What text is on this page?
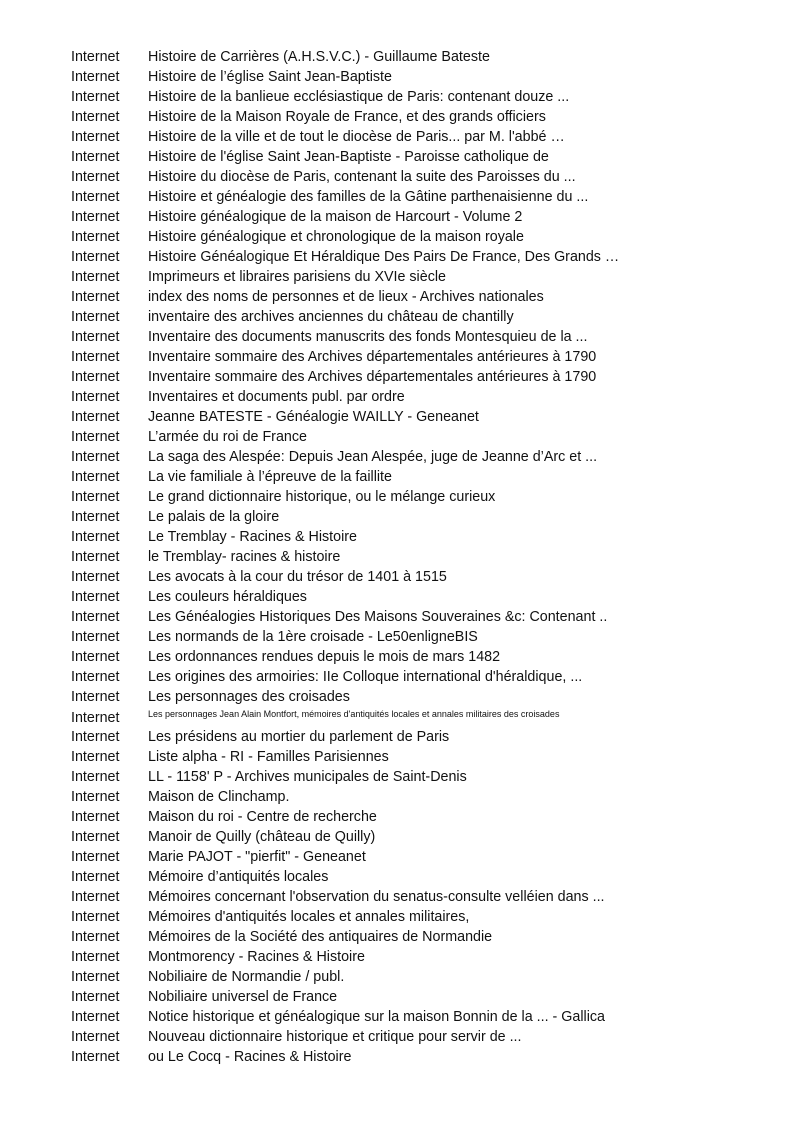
Internet Histoire de Carrières (A.H.S.V.C.) - Guillaume Bateste
Internet Histoire de l’église Saint Jean-Baptiste
Internet Histoire de la banlieue ecclésiastique de Paris: contenant douze ...
Internet Histoire de la Maison Royale de France, et des grands officiers
Internet Histoire de la ville et de tout le diocèse de Paris... par M. l'abbé …
Internet Histoire de l'église Saint Jean-Baptiste - Paroisse catholique de
Internet Histoire du diocèse de Paris, contenant la suite des Paroisses du ...
Internet Histoire et généalogie des familles de la Gâtine parthenaisienne du ...
Internet Histoire généalogique de la maison de Harcourt - Volume 2
Internet Histoire généalogique et chronologique de la maison royale
Internet Histoire Généalogique Et Héraldique Des Pairs De France, Des Grands …
Internet Imprimeurs et libraires parisiens du XVIe siècle
Internet index des noms de personnes et de lieux - Archives nationales
Internet inventaire des archives anciennes du château de chantilly
Internet Inventaire des documents manuscrits des fonds Montesquieu de la ...
Internet Inventaire sommaire des Archives départementales antérieures à 1790
Internet Inventaire sommaire des Archives départementales antérieures à 1790
Internet Inventaires et documents publ. par ordre
Internet Jeanne BATESTE - Généalogie WAILLY - Geneanet
Internet L’armée du roi de France
Internet La saga des Alespée: Depuis Jean Alespée, juge de Jeanne d’Arc et ...
Internet La vie familiale à l’épreuve de la faillite
Internet Le grand dictionnaire historique, ou le mélange curieux
Internet Le palais de la gloire
Internet Le Tremblay - Racines & Histoire
Internet le Tremblay- racines & histoire
Internet Les avocats à la cour du trésor de 1401 à 1515
Internet Les couleurs héraldiques
Internet Les Généalogies Historiques Des Maisons Souveraines &c: Contenant ..
Internet Les normands de la 1ère croisade - Le50enligneBIS
Internet Les ordonnances rendues depuis le mois de mars 1482
Internet Les origines des armoiries: IIe Colloque international d'héraldique, ...
Internet Les personnages des croisades
Internet	Les personnages Jean Alain Montfort, mémoires d'antiquités locales et annales militaires des croisades
Internet Les présidens au mortier du parlement de Paris
Internet Liste alpha - RI - Familles Parisiennes
Internet LL - 1158' P - Archives municipales de Saint-Denis
Internet Maison de Clinchamp.
Internet Maison du roi - Centre de recherche
Internet Manoir de Quilly (château de Quilly)
Internet Marie PAJOT - "pierfit" - Geneanet
Internet Mémoire d’antiquités locales
Internet Mémoires concernant l'observation du senatus-consulte velléien dans ...
Internet Mémoires d'antiquités locales et annales militaires,
Internet Mémoires de la Société des antiquaires de Normandie
Internet Montmorency - Racines & Histoire
Internet Nobiliaire de Normandie / publ.
Internet Nobiliaire universel de France
Internet Notice historique et généalogique sur la maison Bonnin de la ... - Gallica
Internet Nouveau dictionnaire historique et critique pour servir de ...
Internet ou Le Cocq - Racines & Histoire
